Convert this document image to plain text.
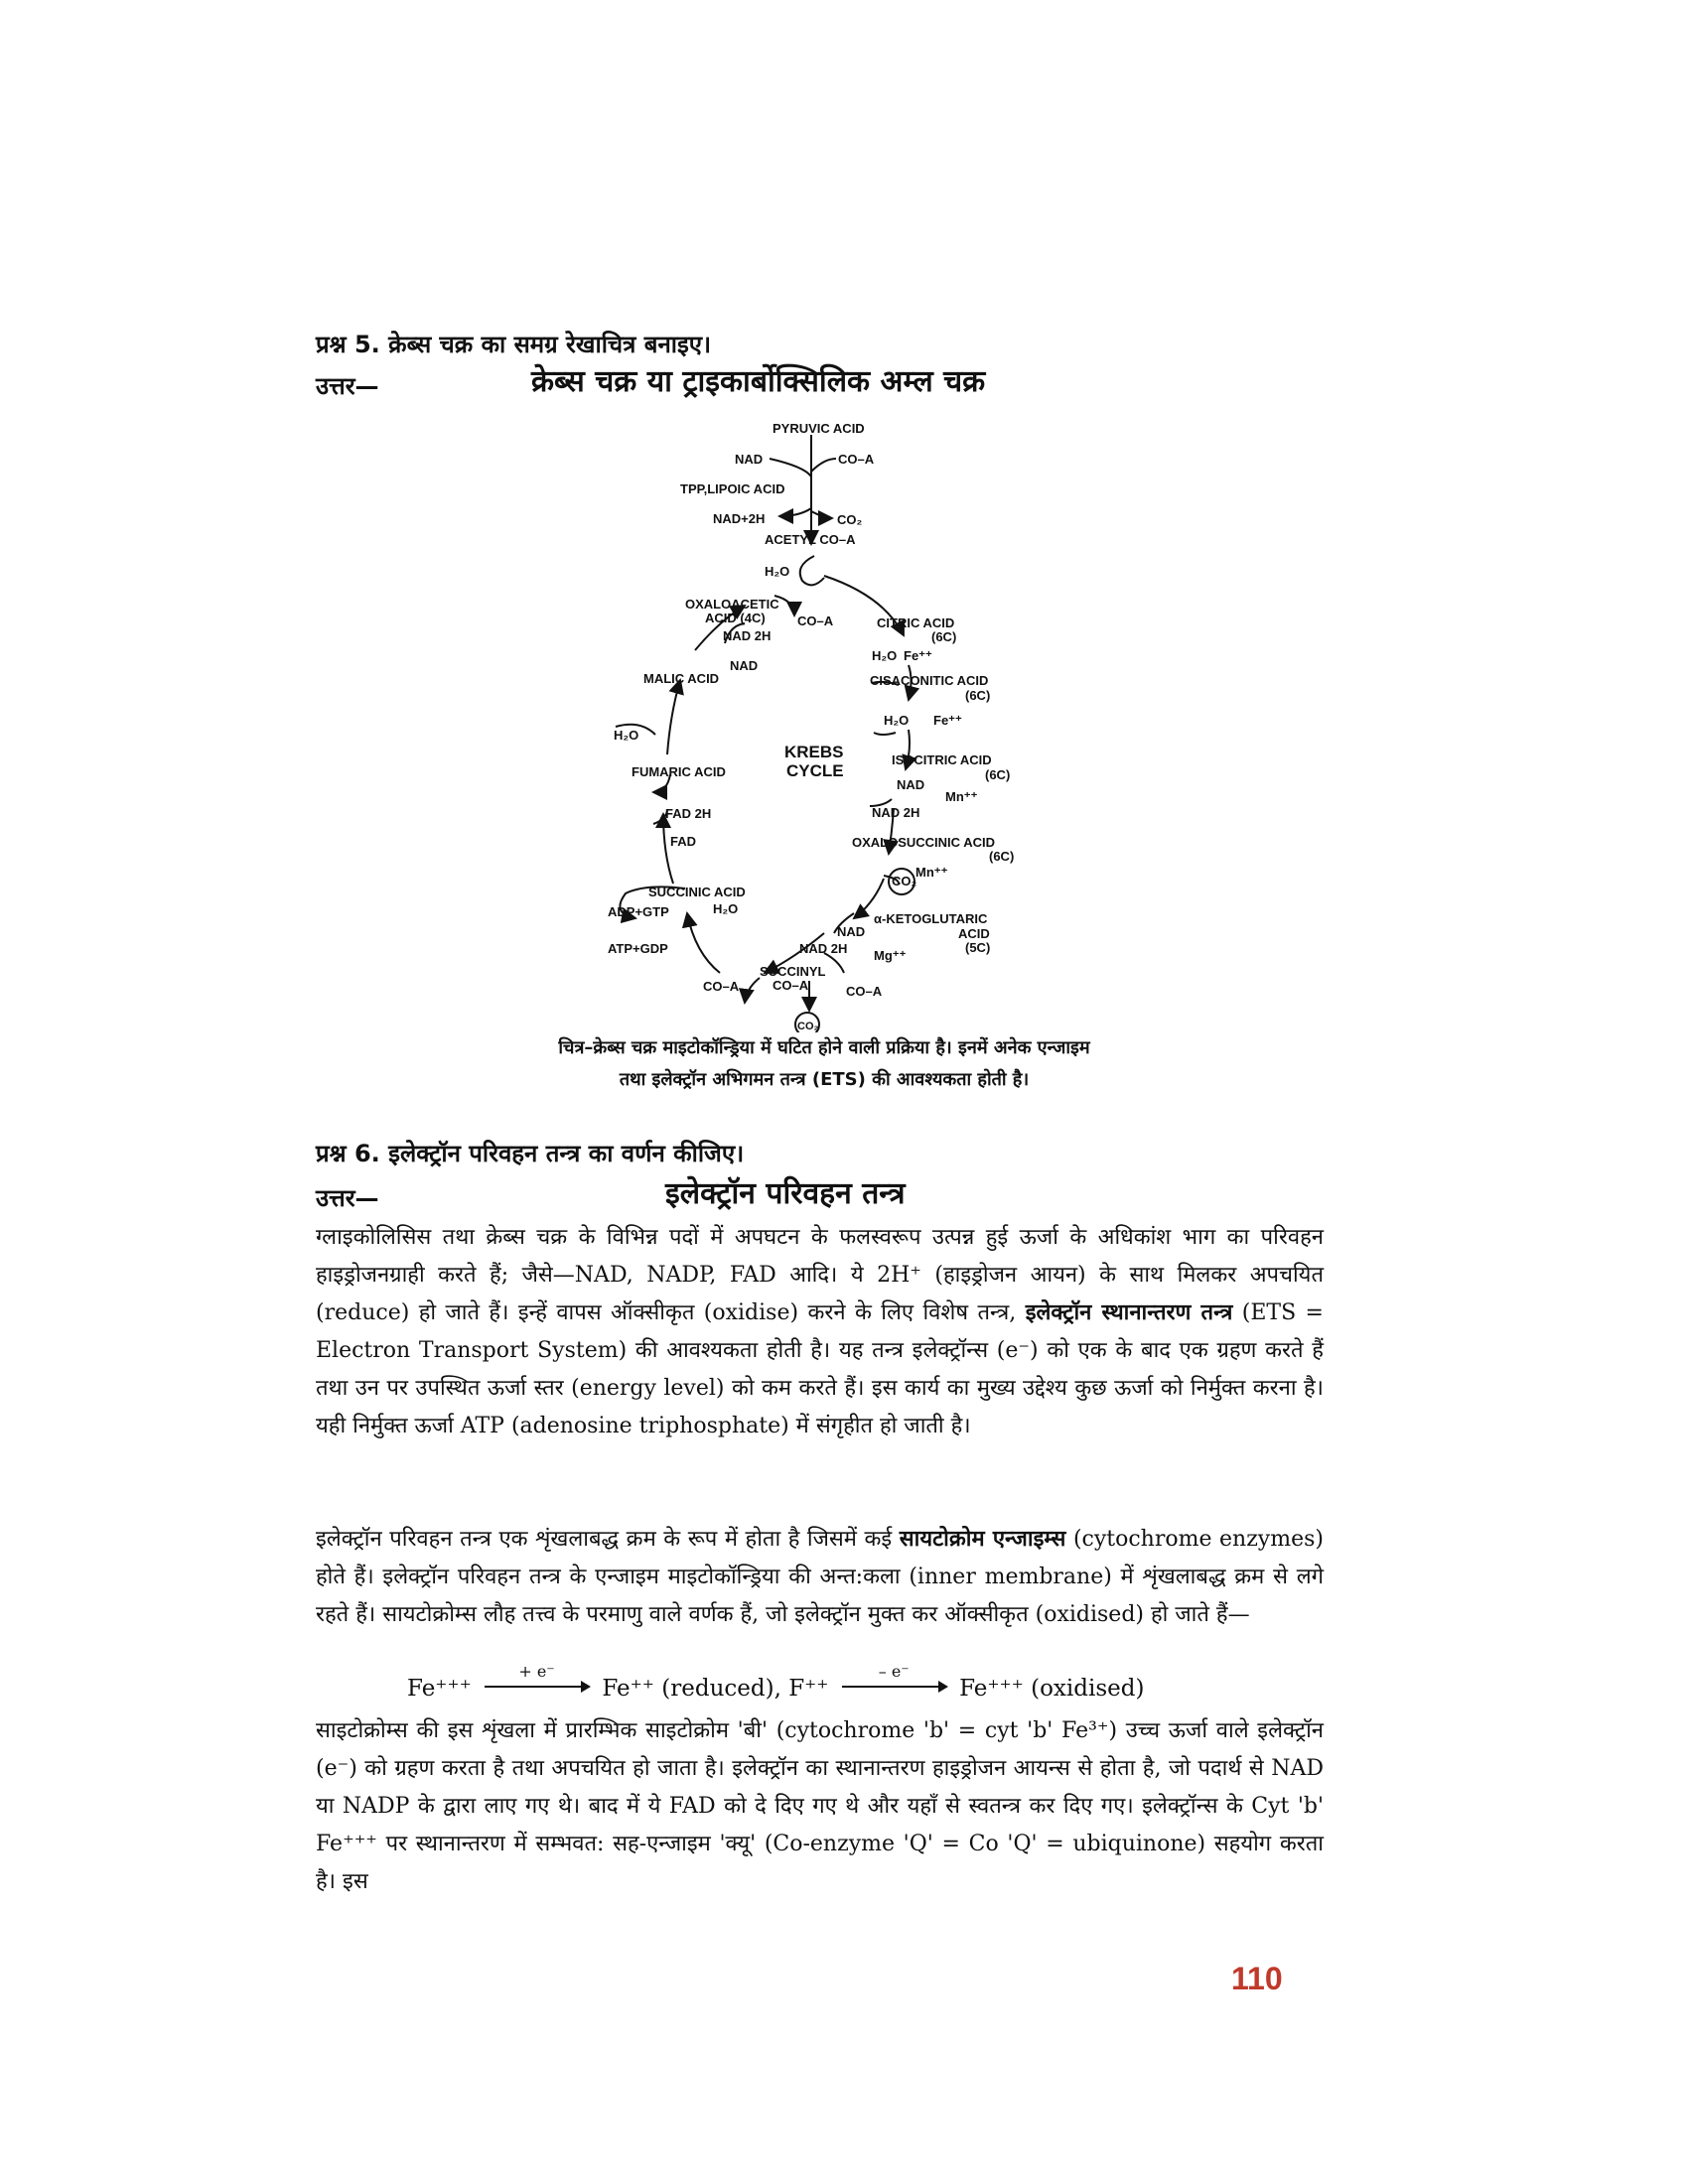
प्रश्न 5. क्रेब्स चक्र का समग्र रेखाचित्र बनाइए।
उत्तर—	क्रेब्स चक्र या ट्राइकार्बोक्सिलिक अम्ल चक्र
PYRUVIC ACID
NAD	CO–A
TPP,LIPOIC ACID
NAD+2H	CO₂
ACETYL CO–A
H₂O
OXALOACETIC
ACID (4C) CO–A	CITRIC ACID
(6C)
NAD 2H
NAD
H₂O Fe⁺⁺
MALIC ACID	CISACONITIC ACID
(6C)
H₂O Fe⁺⁺
H₂O
KREBS
CYCLE
FUMARIC ACID
ISOCITRIC ACID
(6C)
NAD
Mn⁺⁺
FAD 2H	NAD 2H
FAD	OXALOSUCCINIC ACID
(6C)
Mn⁺⁺
CO₂
SUCCINIC ACID
ADP+GTP	H₂O
NAD
α-KETOGLUTARIC
ACID
(5C)
ATP+GDP	NAD 2H Mg⁺⁺
SUCCINYL
CO–A
CO–A	CO–A
CO₂
चित्र–क्रेब्स चक्र माइटोकॉन्ड्रिया में घटित होने वाली प्रक्रिया है। इनमें अनेक एन्जाइम
तथा इलेक्ट्रॉन अभिगमन तन्त्र (ETS) की आवश्यकता होती है।
प्रश्न 6. इलेक्ट्रॉन परिवहन तन्त्र का वर्णन कीजिए।
उत्तर—	इलेक्ट्रॉन परिवहन तन्त्र
ग्लाइकोलिसिस तथा क्रेब्स चक्र के विभिन्न पदों में अपघटन के फलस्वरूप उत्पन्न हुई ऊर्जा के अधिकांश भाग का परिवहन हाइड्रोजनग्राही करते हैं; जैसे—NAD, NADP, FAD आदि। ये 2H⁺ (हाइड्रोजन आयन) के साथ मिलकर अपचयित (reduce) हो जाते हैं। इन्हें वापस ऑक्सीकृत (oxidise) करने के लिए विशेष तन्त्र, इलेक्ट्रॉन स्थानान्तरण तन्त्र (ETS = Electron Transport System) की आवश्यकता होती है। यह तन्त्र इलेक्ट्रॉन्स (e⁻) को एक के बाद एक ग्रहण करते हैं तथा उन पर उपस्थित ऊर्जा स्तर (energy level) को कम करते हैं। इस कार्य का मुख्य उद्देश्य कुछ ऊर्जा को निर्मुक्त करना है। यही निर्मुक्त ऊर्जा ATP (adenosine triphosphate) में संगृहीत हो जाती है।
इलेक्ट्रॉन परिवहन तन्त्र एक शृंखलाबद्ध क्रम के रूप में होता है जिसमें कई सायटोक्रोम एन्जाइम्स (cytochrome enzymes) होते हैं। इलेक्ट्रॉन परिवहन तन्त्र के एन्जाइम माइटोकॉन्ड्रिया की अन्त:कला (inner membrane) में शृंखलाबद्ध क्रम से लगे रहते हैं। सायटोक्रोम्स लौह तत्त्व के परमाणु वाले वर्णक हैं, जो इलेक्ट्रॉन मुक्त कर ऑक्सीकृत (oxidised) हो जाते हैं—
Fe⁺⁺⁺
+ e⁻
Fe⁺⁺ (reduced), F⁺⁺
– e⁻
Fe⁺⁺⁺ (oxidised)
साइटोक्रोम्स की इस शृंखला में प्रारम्भिक साइटोक्रोम 'बी' (cytochrome 'b' = cyt 'b' Fe³⁺) उच्च ऊर्जा वाले इलेक्ट्रॉन (e⁻) को ग्रहण करता है तथा अपचयित हो जाता है। इलेक्ट्रॉन का स्थानान्तरण हाइड्रोजन आयन्स से होता है, जो पदार्थ से NAD या NADP के द्वारा लाए गए थे। बाद में ये FAD को दे दिए गए थे और यहाँ से स्वतन्त्र कर दिए गए। इलेक्ट्रॉन्स के Cyt 'b' Fe⁺⁺⁺ पर स्थानान्तरण में सम्भवत: सह-एन्जाइम 'क्यू' (Co-enzyme 'Q' = Co 'Q' = ubiquinone) सहयोग करता है। इस
110
